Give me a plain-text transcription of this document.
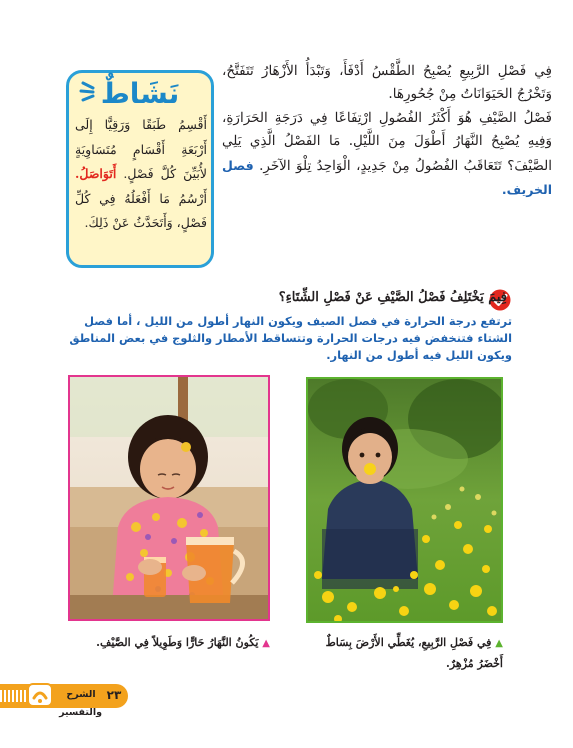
فِي فَصْلِ الرَّبِيعِ يُصْبِحُ الطَّقْسُ أَدْفَأَ، وَتَبْدَأُ الأَزْهَارُ تَتَفَتَّحُ، وَتَخْرُجُ الحَيَوَانَاتُ مِنْ جُحُورِهَا.
فَصْلُ الصَّيْفِ هُوَ أَكْثَرُ الفُصُولِ ارْتِفَاعًا فِي دَرَجَةِ الحَرَارَةِ، وَفِيهِ يُصْبِحُ النَّهَارُ أَطْوَلَ مِنَ اللَّيْلِ. مَا الفَصْلُ الَّذِي يَلِي الصَّيْفَ؟ تَتَعَاقَبُ الفُصُولُ مِنْ جَدِيدٍ، الْوَاحِدُ تِلْوَ الآخَرِ. فصل الخريف.
نَشَاطٌ
أَقْسِمُ طَبَقًا وَرَقِيًّا إِلَى أَرْبَعَةِ أَقْسَامٍ مُتَسَاوِيَةٍ لأُبَيِّنَ كُلَّ فَصْلٍ. أَتَوَاصَلُ. أَرْسُمُ مَا أَفْعَلُهُ فِي كُلِّ فَصْلٍ، وَأَتَحَدَّثُ عَنْ ذَلِكَ.
فِيمَ يَخْتَلِفُ فَصْلُ الصَّيْفِ عَنْ فَصْلِ الشِّتَاءِ؟
ترتفع درجة الحرارة في فصل الصيف ويكون النهار أطول من الليل ، أما فصل الشتاء فتنخفض فيه درجات الحرارة وتتساقط الأمطار والثلوج في بعض المناطق ويكون الليل فيه أطول من النهار.
▲ يَكُونُ النَّهَارُ حَارًّا وَطَوِيلاً فِي الصَّيْفِ.	▲ فِي فَصْلِ الرَّبِيعِ، يُغَطِّي الأَرْضَ بِسَاطٌ أَخْضَرُ مُزْهِرٌ.
الشرح والتفسير
٢٣
